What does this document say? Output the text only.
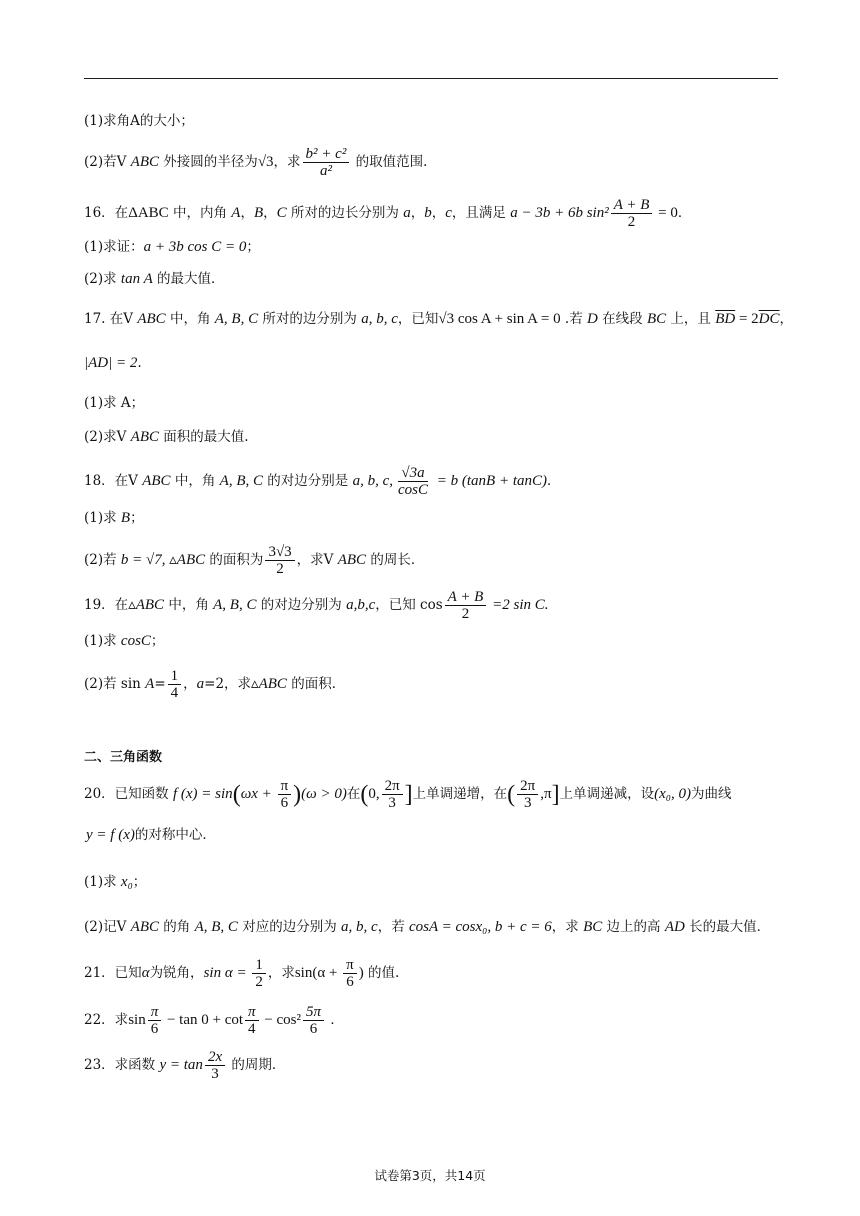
(1)求角A的大小；
(2)若V ABC 外接圆的半径为√3，求 $\frac{\text{b² + c²}}{\text{a²}}$ 的取值范围.
16．在ΔABC 中，内角 A，B，C 所对的边长分别为 a，b，c，且满足 a − 3b + 6b $\sin^2 \frac{A + B}{2} = 0$．
(1)求证：a + 3b cos C = 0；
(2)求 tan A 的最大值．
17. 在V ABC 中，角 A, B, C 所对的边分别为 a, b, c，已知√3 cos A + sin A = 0 .若 D 在线段 BC 上，且 $\overline{BD} = 2\overline{DC}$，
|AD| = 2.
(1)求 A；
(2)求V ABC 面积的最大值.
18．在V ABC 中，角 A, B, C 的对边分别是 a, b, c, $\frac{√3a}{\cos C} = b$ (tanB + tanC)．
(1)求 B；
(2)若 b = √7, ▵ABC 的面积为 $\frac{3√3}{2}$ ，求V ABC 的周长．
19．在▵ABC 中，角 A, B, C 的对边分别为 a,b,c，已知 $\cos \frac{A + B}{2} =2$ sin C.
(1)求 cosC；
(2)若 $\sin A= \frac{1}{4}$ ，a=2，求▵ABC 的面积．
二、三角函数
20．已知函数 f $(x) = \sin(\omega x + \frac{\pi}{6} )(\omega > 0)$在(0, $\frac{2\pi}{3}$ ]上单调递增，在( $\frac{2\pi}{3} ,\pi$]上单调递减，设(x₀, 0)为曲线
y = f (x)的对称中心．
(1)求 x₀；
(2)记V ABC 的角 A, B, C 对应的边分别为 a, b, c，若 cosA = cosx₀, b + c = 6，求 BC 边上的高 AD 长的最大值．
21．已知α为锐角，$\sin \alpha = \frac{1}{2}$ ，求$\sin(\alpha + \frac{\pi}{6}$ ) 的值.
22．求$\sin \frac{\pi}{6} - \tan 0 + \cot \frac{\pi}{4} - \cos^2 \frac{5\pi}{6}$ ．
23．求函数 $y = \tan \frac{2x}{3}$ 的周期．
试卷第3页，共14页
